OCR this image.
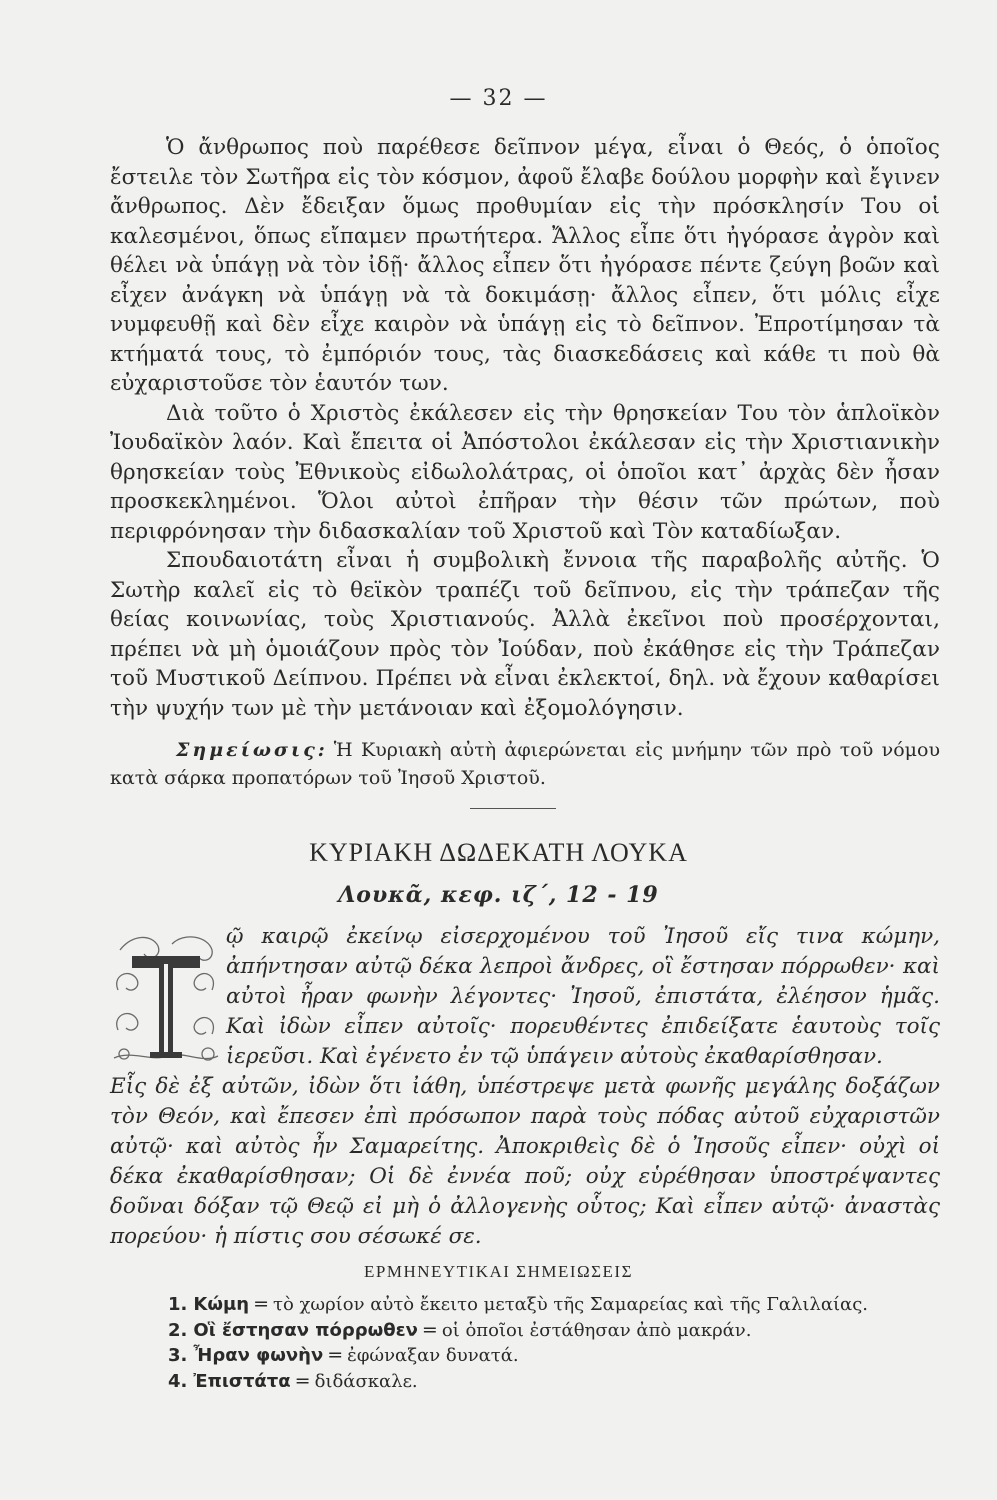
— 32 —

Ὁ ἄνθρωπος ποὺ παρέθεσε δεῖπνον μέγα, εἶναι ὁ Θεός, ὁ ὁποῖος ἔστειλε τὸν Σωτῆρα εἰς τὸν κόσμον, ἀφοῦ ἔλαβε δούλου μορφὴν καὶ ἔγινεν ἄνθρωπος. Δὲν ἔδειξαν ὅμως προθυμίαν εἰς τὴν πρόσκλησίν Του οἱ καλεσμένοι, ὅπως εἴπαμεν πρωτήτερα. Ἄλλος εἶπε ὅτι ἠγόρασε ἀγρὸν καὶ θέλει νὰ ὑπάγῃ νὰ τὸν ἰδῇ· ἄλλος εἶπεν ὅτι ἠγόρασε πέντε ζεύγη βοῶν καὶ εἶχεν ἀνάγκη νὰ ὑπάγῃ νὰ τὰ δοκιμάσῃ· ἄλλος εἶπεν, ὅτι μόλις εἶχε νυμφευθῇ καὶ δὲν εἶχε καιρὸν νὰ ὑπάγῃ εἰς τὸ δεῖπνον. Ἐπροτίμησαν τὰ κτήματά τους, τὸ ἐμπόριόν τους, τὰς διασκεδάσεις καὶ κάθε τι ποὺ θὰ εὐχαριστοῦσε τὸν ἑαυτόν των.

Διὰ τοῦτο ὁ Χριστὸς ἐκάλεσεν εἰς τὴν θρησκείαν Του τὸν ἁπλοϊκὸν Ἰουδαϊκὸν λαόν. Καὶ ἔπειτα οἱ Ἀπόστολοι ἐκάλεσαν εἰς τὴν Χριστιανικὴν θρησκείαν τοὺς Ἐθνικοὺς εἰδωλολάτρας, οἱ ὁποῖοι κατ᾽ ἀρχὰς δὲν ἦσαν προσκεκλημένοι. Ὅλοι αὐτοὶ ἐπῆραν τὴν θέσιν τῶν πρώτων, ποὺ περιφρόνησαν τὴν διδασκαλίαν τοῦ Χριστοῦ καὶ Τὸν καταδίωξαν.

Σπουδαιοτάτη εἶναι ἡ συμβολικὴ ἔννοια τῆς παραβολῆς αὐτῆς. Ὁ Σωτὴρ καλεῖ εἰς τὸ θεϊκὸν τραπέζι τοῦ δεῖπνου, εἰς τὴν τράπεζαν τῆς θείας κοινωνίας, τοὺς Χριστιανούς. Ἀλλὰ ἐκεῖνοι ποὺ προσέρχονται, πρέπει νὰ μὴ ὁμοιάζουν πρὸς τὸν Ἰούδαν, ποὺ ἐκάθησε εἰς τὴν Τράπεζαν τοῦ Μυστικοῦ Δείπνου. Πρέπει νὰ εἶναι ἐκλεκτοί, δηλ. νὰ ἔχουν καθαρίσει τὴν ψυχήν των μὲ τὴν μετάνοιαν καὶ ἐξομολόγησιν.

Σημείωσις: Ἡ Κυριακὴ αὐτὴ ἀφιερώνεται εἰς μνήμην τῶν πρὸ τοῦ νόμου κατὰ σάρκα προπατόρων τοῦ Ἰησοῦ Χριστοῦ.
ΚΥΡΙΑΚΗ ΔΩΔΕΚΑΤΗ ΛΟΥΚΑ
Λουκᾶ, κεφ. ιζ΄, 12 - 19
ῷ καιρῷ ἐκείνῳ εἰσερχομένου τοῦ Ἰησοῦ εἴς τινα κώμην, ἀπήντησαν αὐτῷ δέκα λεπροὶ ἄνδρες, οἳ ἔστησαν πόρρωθεν· καὶ αὐτοὶ ἦραν φωνὴν λέγοντες· Ἰησοῦ, ἐπιστάτα, ἐλέησον ἡμᾶς. Καὶ ἰδὼν εἶπεν αὐτοῖς· πορευθέντες ἐπιδείξατε ἑαυτοὺς τοῖς ἱερεῦσι. Καὶ ἐγένετο ἐν τῷ ὑπάγειν αὐτοὺς ἐκαθαρίσθησαν.
Εἷς δὲ ἐξ αὐτῶν, ἰδὼν ὅτι ἰάθη, ὑπέστρεψε μετὰ φωνῆς μεγάλης δοξάζων τὸν Θεόν, καὶ ἔπεσεν ἐπὶ πρόσωπον παρὰ τοὺς πόδας αὐτοῦ εὐχαριστῶν αὐτῷ· καὶ αὐτὸς ἦν Σαμαρείτης. Ἀποκριθεὶς δὲ ὁ Ἰησοῦς εἶπεν· οὐχὶ οἱ δέκα ἐκαθαρίσθησαν; Οἱ δὲ ἐννέα ποῦ; οὐχ εὑρέθησαν ὑποστρέψαντες δοῦναι δόξαν τῷ Θεῷ εἰ μὴ ὁ ἀλλογενὴς οὗτος; Καὶ εἶπεν αὐτῷ· ἀναστὰς πορεύου· ἡ πίστις σου σέσωκέ σε.
ΕΡΜΗΝΕΥΤΙΚΑΙ ΣΗΜΕΙΩΣΕΙΣ
1. Κώμη = τὸ χωρίον αὐτὸ ἔκειτο μεταξὺ τῆς Σαμαρείας καὶ τῆς Γαλιλαίας.
2. Οἳ ἔστησαν πόρρωθεν = οἱ ὁποῖοι ἐστάθησαν ἀπὸ μακράν.
3. Ἦραν φωνὴν = ἐφώναξαν δυνατά.
4. Ἐπιστάτα = διδάσκαλε.
